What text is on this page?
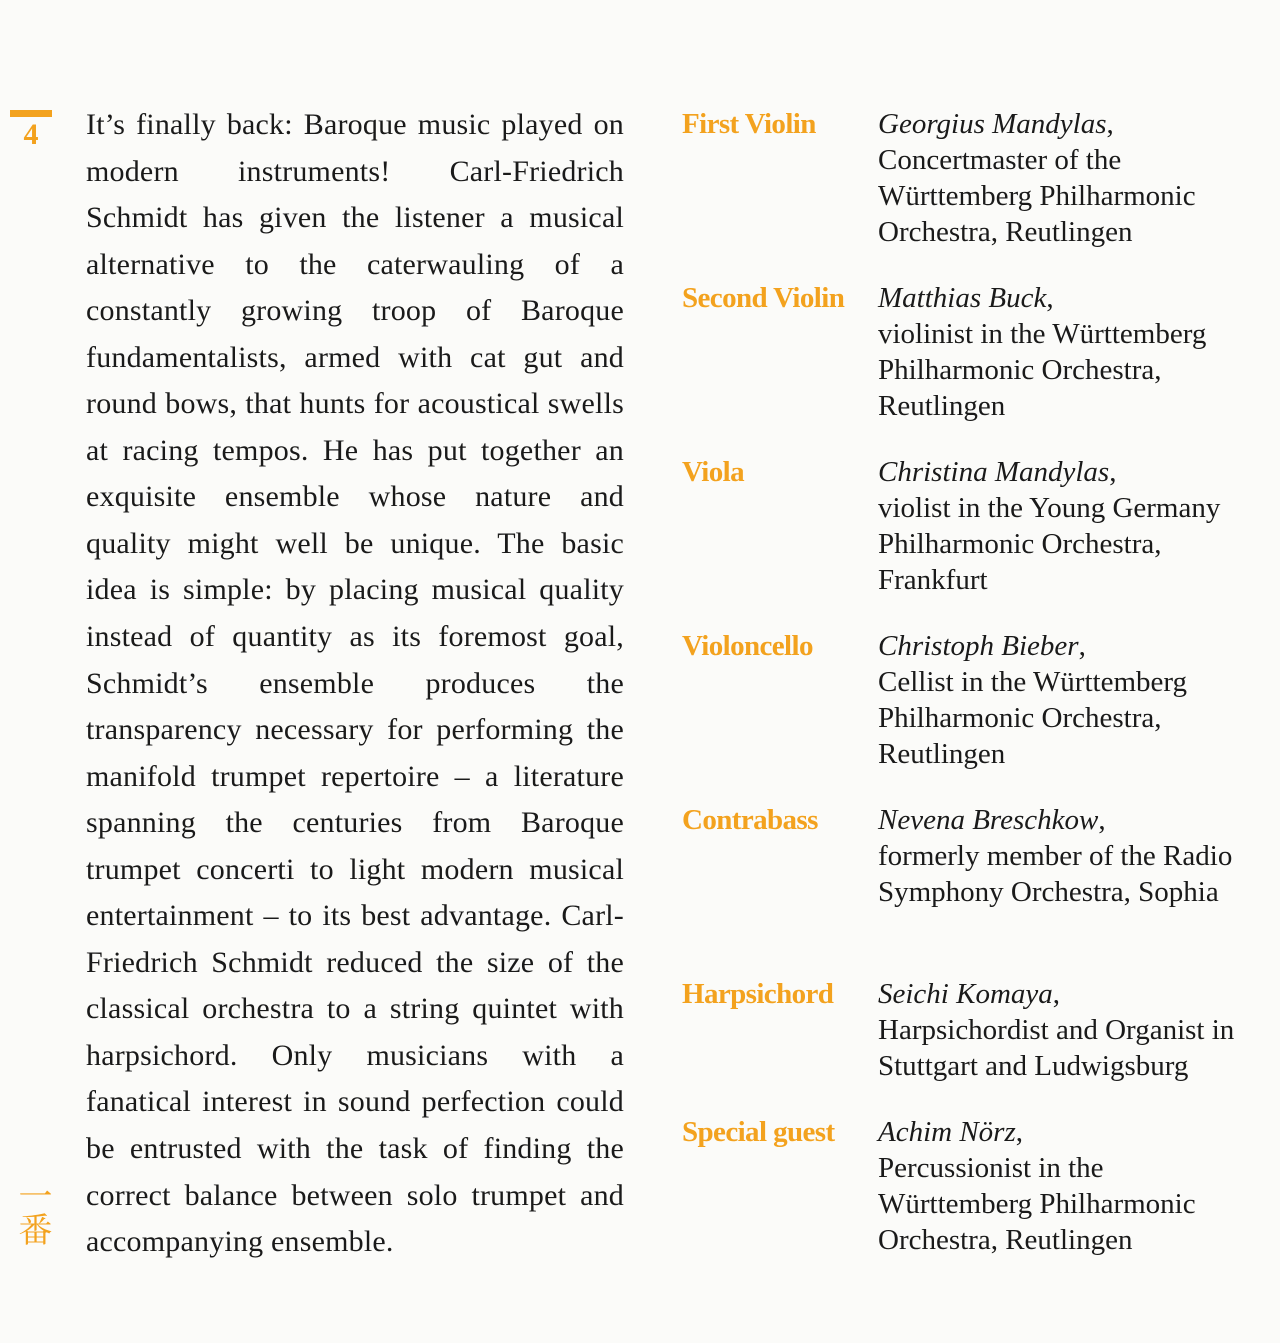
4
一番

It’s finally back: Baroque music played on modern instruments! Carl-Friedrich Schmidt has given the listener a musical alternative to the caterwauling of a constantly growing troop of Baroque fundamentalists, armed with cat gut and round bows, that hunts for acoustical swells at racing tempos. He has put together an exquisite ensemble whose nature and quality might well be unique. The basic idea is simple: by placing musical quality instead of quantity as its foremost goal, Schmidt’s ensemble produces the transparency necessary for performing the manifold trumpet repertoire – a literature spanning the centuries from Baroque trumpet concerti to light modern musical entertainment – to its best advantage. Carl-Friedrich Schmidt reduced the size of the classical orchestra to a string quintet with harpsichord. Only musicians with a fanatical interest in sound perfection could be entrusted with the task of finding the correct balance between solo trumpet and accompanying ensemble.

First Violin	Georgius Mandylas,
Concertmaster of the Württemberg Philharmonic Orchestra, Reutlingen
Second Violin	Matthias Buck,
violinist in the Württemberg Philharmonic Orchestra, Reutlingen
Viola	Christina Mandylas,
violist in the Young Germany Philharmonic Orchestra, Frankfurt
Violoncello	Christoph Bieber,
Cellist in the Württemberg Philharmonic Orchestra, Reutlingen
Contrabass	Nevena Breschkow,
formerly member of the Radio Symphony Orchestra, Sophia
Harpsichord	Seichi Komaya,
Harpsichordist and Organist in Stuttgart and Ludwigsburg
Special guest	Achim Nörz,
Percussionist in the Württemberg Philharmonic Orchestra, Reutlingen
